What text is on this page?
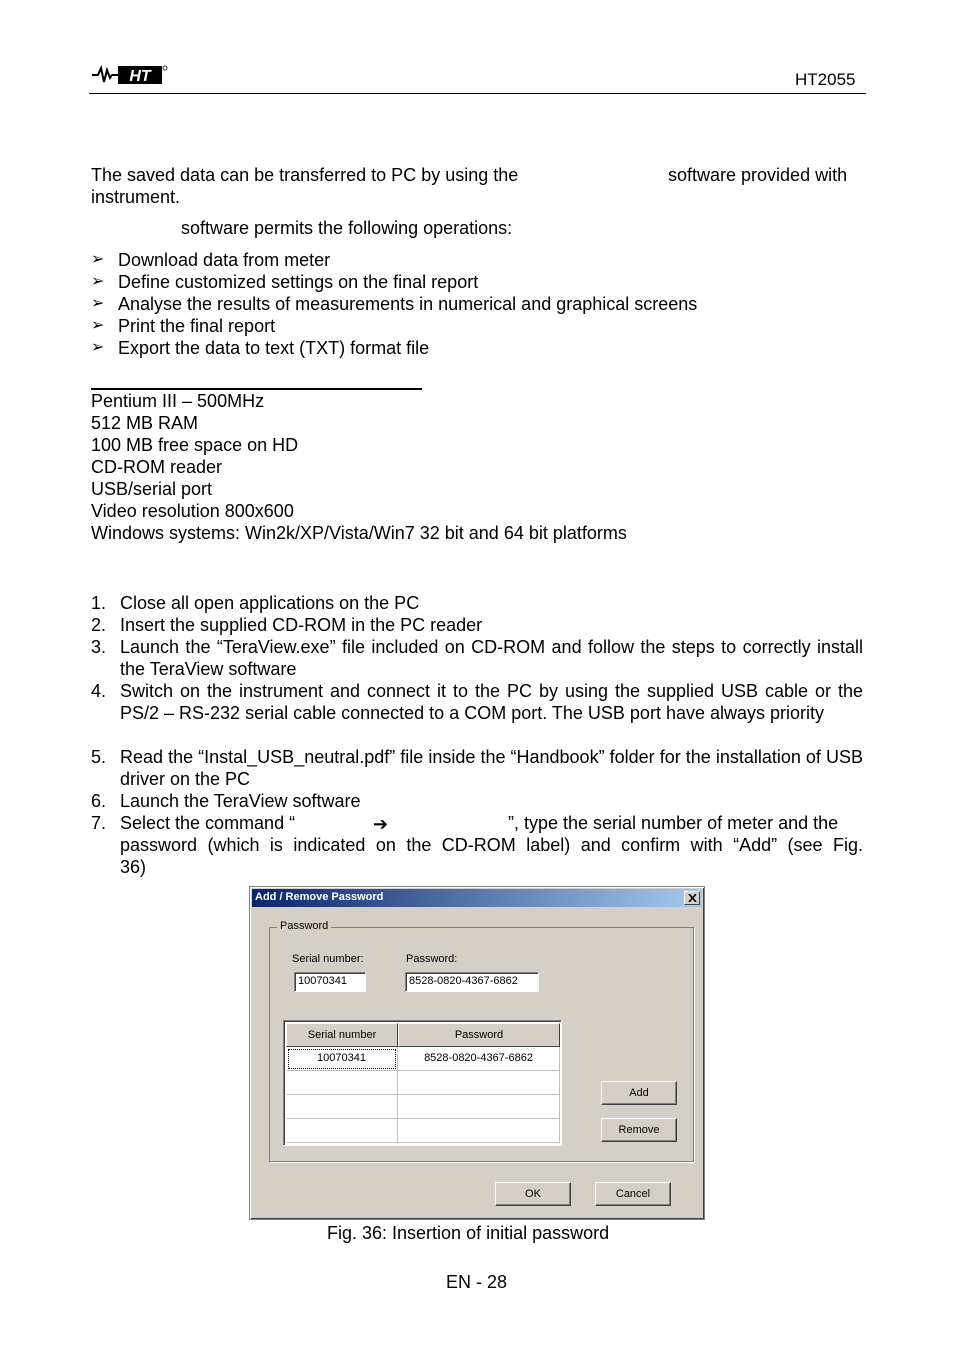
HT	HT2055
The saved data can be transferred to PC by using the	software provided with
instrument.
software permits the following operations:
➢ Download data from meter
➢ Define customized settings on the final report
➢ Analyse the results of measurements in numerical and graphical screens
➢ Print the final report
➢ Export the data to text (TXT) format file
Pentium III – 500MHz
512 MB RAM
100 MB free space on HD
CD-ROM reader
USB/serial port
Video resolution 800x600
Windows systems: Win2k/XP/Vista/Win7 32 bit and 64 bit platforms
1. Close all open applications on the PC
2. Insert the supplied CD-ROM in the PC reader
3. Launch the “TeraView.exe” file included on CD-ROM and follow the steps to correctly install the TeraView software
4. Switch on the instrument and connect it to the PC by using the supplied USB cable or the PS/2 – RS-232 serial cable connected to a COM port. The USB port have always priority
5. Read the “Instal_USB_neutral.pdf” file inside the “Handbook” folder for the installation of USB driver on the PC
6. Launch the TeraView software
7. Select the command “	➔	”, type the serial number of meter and the
password (which is indicated on the CD-ROM label) and confirm with “Add” (see Fig.
36)
Add / Remove Password
Password
Serial number:	Password:
10070341	8528-0820-4367-6862
Serial number	Password
10070341	8528-0820-4367-6862
Add
Remove
OK	Cancel
Fig. 36: Insertion of initial password
EN - 28
